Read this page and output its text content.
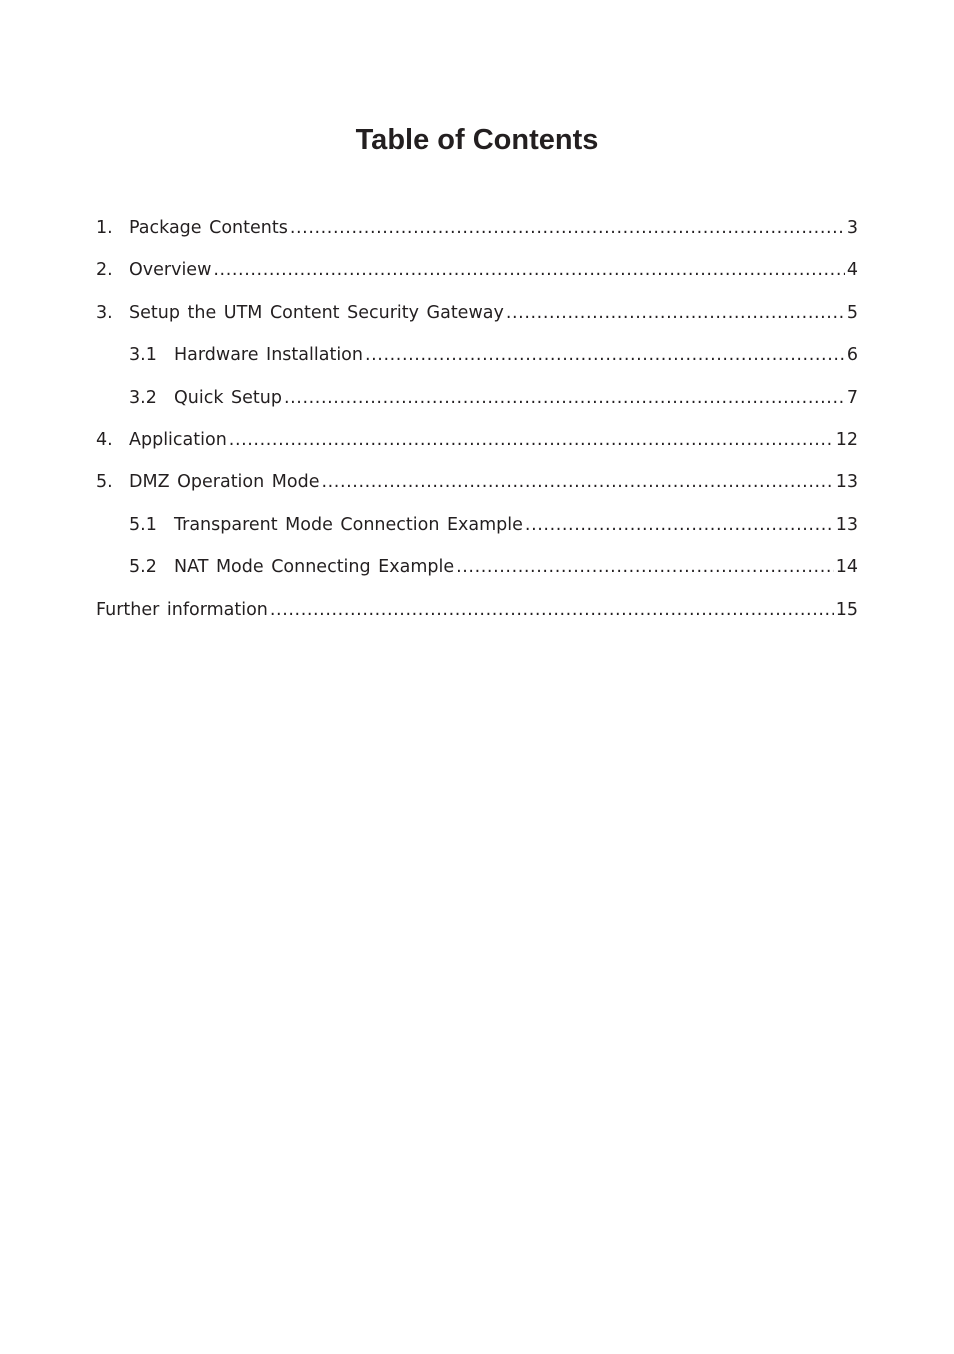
Table of Contents
1. Package Contents .....	3
2. Overview .....	4
3. Setup the UTM Content Security Gateway .....	5
3.1 Hardware Installation .....	6
3.2 Quick Setup .....	7
4. Application .....	12
5. DMZ Operation Mode .....	13
5.1 Transparent Mode Connection Example .....	13
5.2 NAT Mode Connecting Example .....	14
Further information .....	15
